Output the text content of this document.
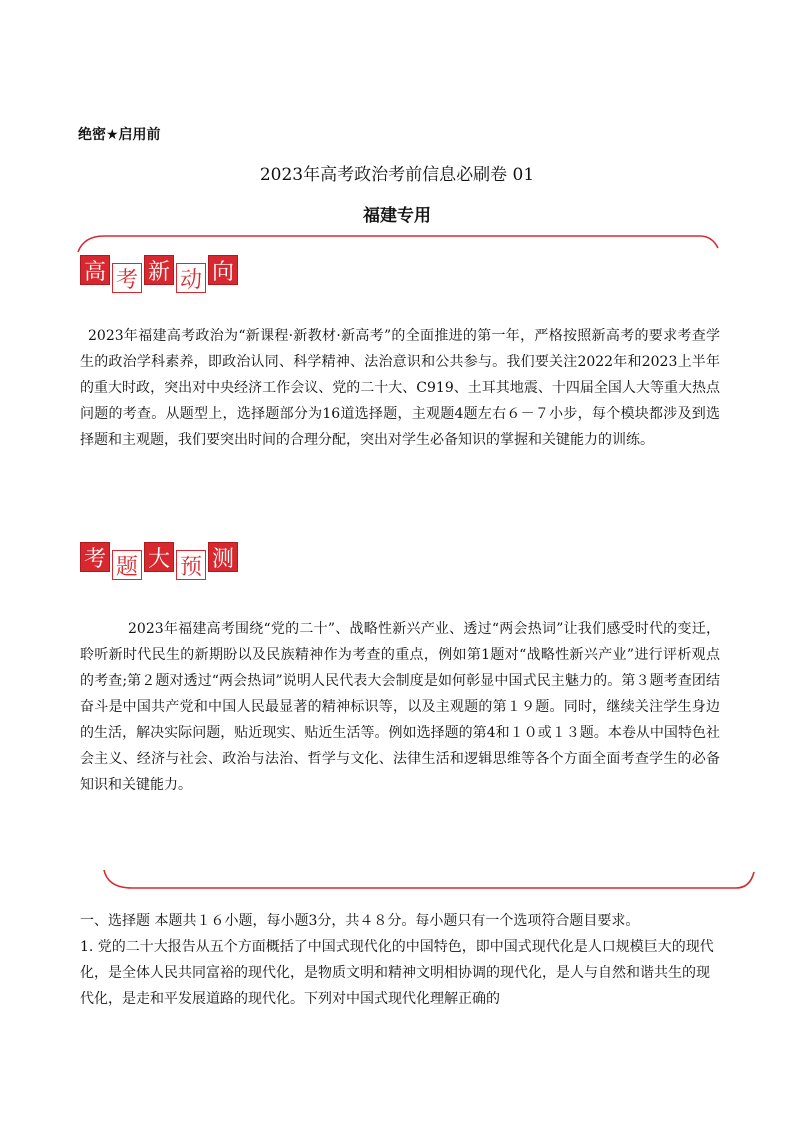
绝密★启用前
2023年高考政治考前信息必刷卷 01
福建专用
高 考 新 动 向

2023年福建高考政治为“新课程·新教材·新高考”的全面推进的第一年，严格按照新高考的要求考查学生的政治学科素养，即政治认同、科学精神、法治意识和公共参与。我们要关注2022年和2023上半年的重大时政，突出对中央经济工作会议、党的二十大、C919、土耳其地震、十四届全国人大等重大热点问题的考查。从题型上，选择题部分为16道选择题，主观题4题左右６－７小步，每个模块都涉及到选择题和主观题，我们要突出时间的合理分配，突出对学生必备知识的掌握和关键能力的训练。

考 题 大 预 测

2023年福建高考围绕“党的二十”、战略性新兴产业、透过“两会热词”让我们感受时代的变迁，聆听新时代民生的新期盼以及民族精神作为考查的重点，例如第1题对“战略性新兴产业”进行评析观点 的考查;第２题对透过“两会热词”说明人民代表大会制度是如何彰显中国式民主魅力的。第３题考查团结奋斗是中国共产党和中国人民最显著的精神标识等，以及主观题的第１９题。同时，继续关注学生身边的生活，解决实际问题，贴近现实、贴近生活等。例如选择题的第4和１０或１３题。本卷从中国特色社会主义、经济与社会、政治与法治、哲学与文化、法律生活和逻辑思维等各个方面全面考查学生的必备知识和关键能力。

一、选择题 本题共１６小题，每小题3分，共４８分。每小题只有一个选项符合题目要求。

1. 党的二十大报告从五个方面概括了中国式现代化的中国特色，即中国式现代化是人口规模巨大的现代化，是全体人民共同富裕的现代化，是物质文明和精神文明相协调的现代化，是人与自然和谐共生的现代化，是走和平发展道路的现代化。下列对中国式现代化理解正确的
